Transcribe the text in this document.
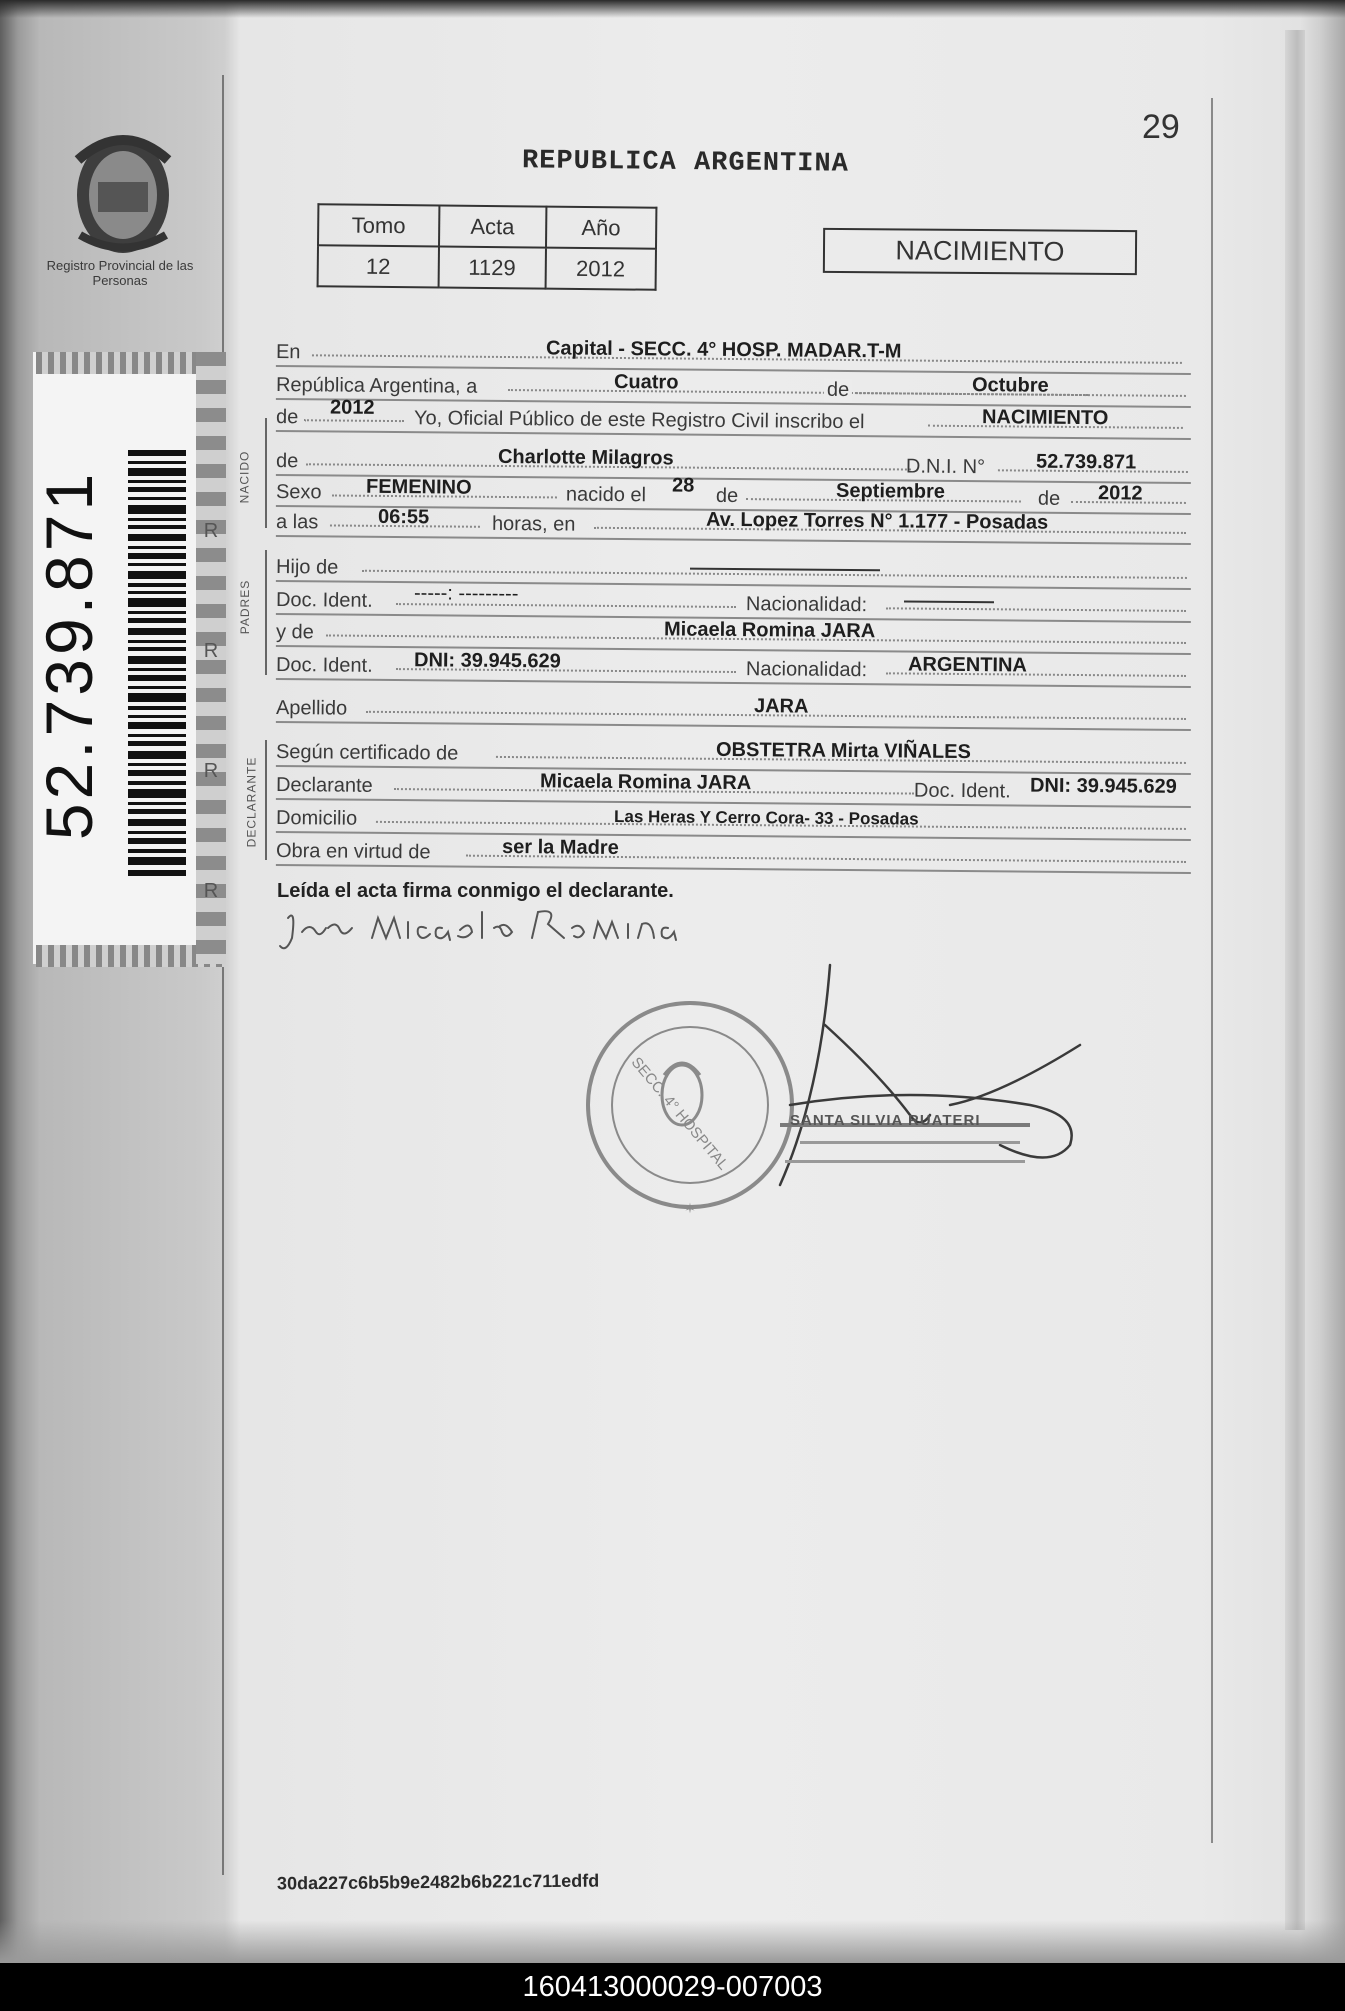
Registro Provincial de las Personas
R
R
R
R
52.739.871
29
REPUBLICA ARGENTINA
Tomo	Acta	Año
12	1129	2012
NACIMIENTO
NACIDO
PADRES
DECLARANTE
En	Capital - SECC. 4° HOSP. MADAR.T-M
República Argentina, a	Cuatro	de	Octubre
de 2012 Yo, Oficial Público de este Registro Civil inscribo el	NACIMIENTO
de	Charlotte Milagros	D.N.I. N°	52.739.871
Sexo FEMENINO	nacido el 28 de	Septiembre	de 2012
a las	06:55	horas, en	Av. Lopez Torres N° 1.177 - Posadas
Hijo de
Doc. Ident. -----: ---------	Nacionalidad:
y de	Micaela Romina JARA
Doc. Ident. DNI: 39.945.629	Nacionalidad: ARGENTINA
Apellido	JARA
Según certificado de	OBSTETRA Mirta VIÑALES
Declarante	Micaela Romina JARA	Doc. Ident. DNI: 39.945.629
Domicilio	Las Heras Y Cerro Cora- 33 - Posadas
Obra en virtud de	ser la Madre
Leída el acta firma conmigo el declarante.
SECC. 4° HOSPITAL
✶
SANTA SILVIA RUATERI
30da227c6b5b9e2482b6b221c711edfd
160413000029-007003
